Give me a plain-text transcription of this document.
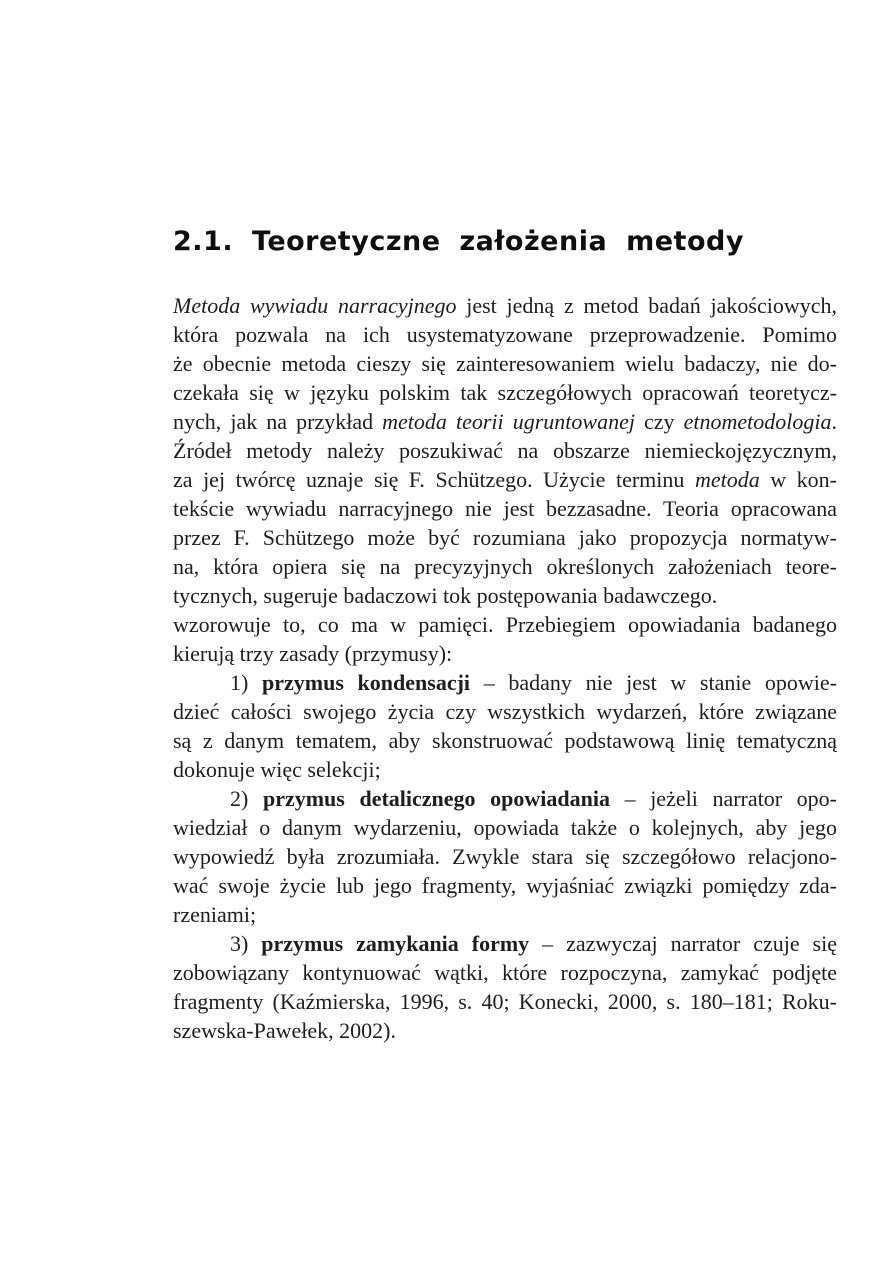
2.1. Teoretyczne założenia metody
Metoda wywiadu narracyjnego jest jedną z metod badań jakościowych,
która pozwala na ich usystematyzowane przeprowadzenie. Pomimo
że obecnie metoda cieszy się zainteresowaniem wielu badaczy, nie do-
czekała się w języku polskim tak szczegółowych opracowań teoretycz-
nych, jak na przykład metoda teorii ugruntowanej czy etnometodologia.
Źródeł metody należy poszukiwać na obszarze niemieckojęzycznym,
za jej twórcę uznaje się F. Schützego. Użycie terminu metoda w kon-
tekście wywiadu narracyjnego nie jest bezzasadne. Teoria opracowana
przez F. Schützego może być rozumiana jako propozycja normatyw-
na, która opiera się na precyzyjnych określonych założeniach teore-
tycznych, sugeruje badaczowi tok postępowania badawczego.
wzorowuje to, co ma w pamięci. Przebiegiem opowiadania badanego
kierują trzy zasady (przymusy):
1) przymus kondensacji – badany nie jest w stanie opowie-
dzieć całości swojego życia czy wszystkich wydarzeń, które związane
są z danym tematem, aby skonstruować podstawową linię tematyczną
dokonuje więc selekcji;
2) przymus detalicznego opowiadania – jeżeli narrator opo-
wiedział o danym wydarzeniu, opowiada także o kolejnych, aby jego
wypowiedź była zrozumiała. Zwykle stara się szczegółowo relacjono-
wać swoje życie lub jego fragmenty, wyjaśniać związki pomiędzy zda-
rzeniami;
3) przymus zamykania formy – zazwyczaj narrator czuje się
zobowiązany kontynuować wątki, które rozpoczyna, zamykać podjęte
fragmenty (Kaźmierska, 1996, s. 40; Konecki, 2000, s. 180–181; Roku-
szewska-Pawełek, 2002).
